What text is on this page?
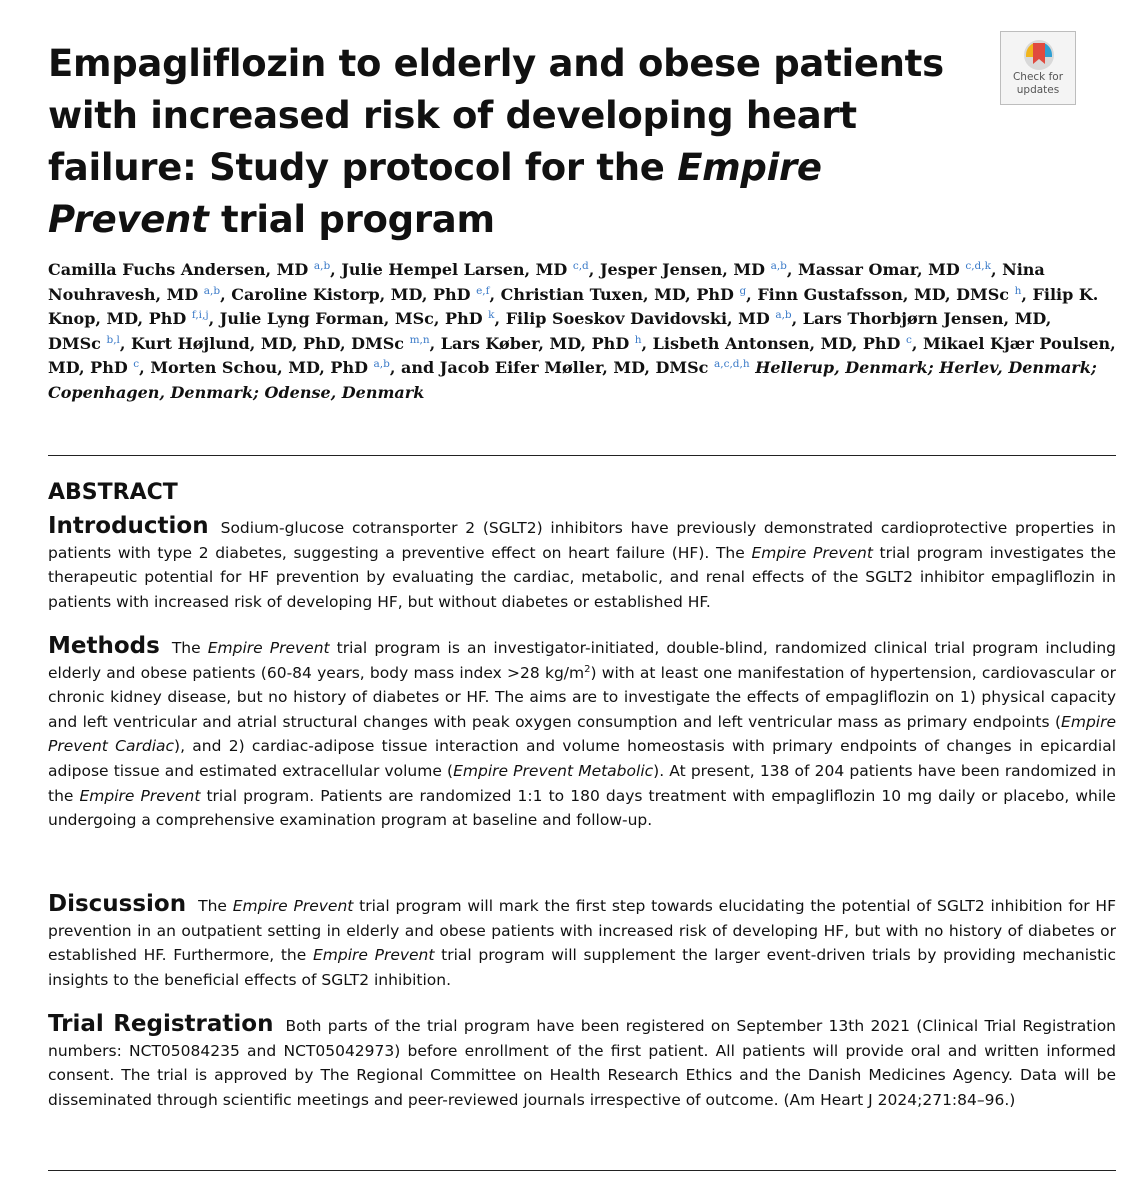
Empagliflozin to elderly and obese patients with increased risk of developing heart failure: Study protocol for the Empire Prevent trial program
Check for
updates
Camilla Fuchs Andersen, MD $^{a,b}$, Julie Hempel Larsen, MD $^{c,d}$, Jesper Jensen, MD $^{a,b}$, Massar Omar, MD $^{c,d,k}$, Nina Nouhravesh, MD $^{a,b}$, Caroline Kistorp, MD, PhD $^{e,f}$, Christian Tuxen, MD, PhD $^g$, Finn Gustafsson, MD, DMSc $^h$, Filip K. Knop, MD, PhD $^{f,i,j}$, Julie Lyng Forman, MSc, PhD $^k$, Filip Soeskov Davidovski, MD $^{a,b}$, Lars Thorbjørn Jensen, MD, DMSc $^{b,l}$, Kurt Højlund, MD, PhD, DMSc $^{m,n}$, Lars Køber, MD, PhD $^h$, Lisbeth Antonsen, MD, PhD $^c$, Mikael Kjær Poulsen, MD, PhD $^c$, Morten Schou, MD, PhD $^{a,b}$, and Jacob Eifer Møller, MD, DMSc $^{a,c,d,h}$ Hellerup, Denmark; Herlev, Denmark; Copenhagen, Denmark; Odense, Denmark
ABSTRACT
Introduction Sodium-glucose cotransporter 2 (SGLT2) inhibitors have previously demonstrated cardioprotective properties in patients with type 2 diabetes, suggesting a preventive effect on heart failure (HF). The Empire Prevent trial program investigates the therapeutic potential for HF prevention by evaluating the cardiac, metabolic, and renal effects of the SGLT2 inhibitor empagliflozin in patients with increased risk of developing HF, but without diabetes or established HF.
Methods The Empire Prevent trial program is an investigator-initiated, double-blind, randomized clinical trial program including elderly and obese patients (60-84 years, body mass index >28 $kg/m^2$) with at least one manifestation of hypertension, cardiovascular or chronic kidney disease, but no history of diabetes or HF. The aims are to investigate the effects of empagliflozin on 1) physical capacity and left ventricular and atrial structural changes with peak oxygen consumption and left ventricular mass as primary endpoints (Empire Prevent Cardiac), and 2) cardiac-adipose tissue interaction and volume homeostasis with primary endpoints of changes in epicardial adipose tissue and estimated extracellular volume (Empire Prevent Metabolic). At present, 138 of 204 patients have been randomized in the Empire Prevent trial program. Patients are randomized 1:1 to 180 days treatment with empagliflozin 10 mg daily or placebo, while undergoing a comprehensive examination program at baseline and follow-up.
Discussion The Empire Prevent trial program will mark the first step towards elucidating the potential of SGLT2 inhibition for HF prevention in an outpatient setting in elderly and obese patients with increased risk of developing HF, but with no history of diabetes or established HF. Furthermore, the Empire Prevent trial program will supplement the larger event-driven trials by providing mechanistic insights to the beneficial effects of SGLT2 inhibition.
Trial Registration Both parts of the trial program have been registered on September 13th 2021 (Clinical Trial Registration numbers: NCT05084235 and NCT05042973) before enrollment of the first patient. All patients will provide oral and written informed consent. The trial is approved by The Regional Committee on Health Research Ethics and the Danish Medicines Agency. Data will be disseminated through scientific meetings and peer-reviewed journals irrespective of outcome. (Am Heart J 2024;271:84–96.)
